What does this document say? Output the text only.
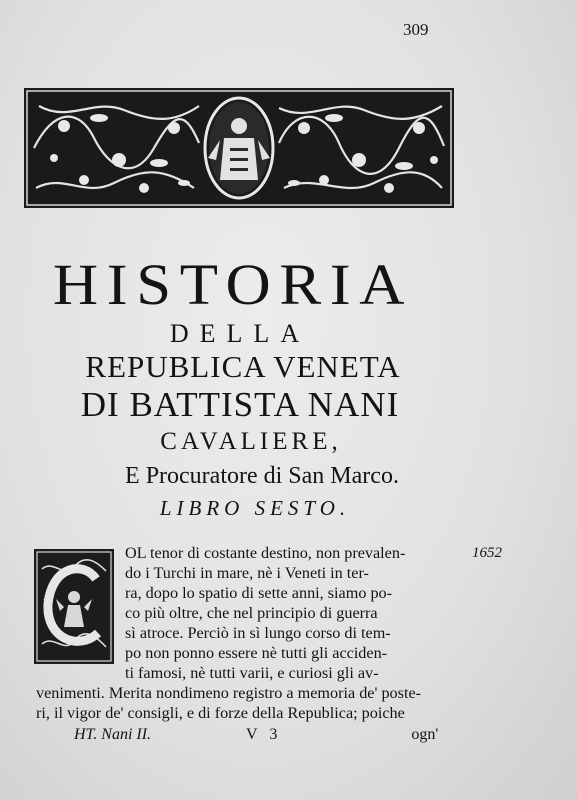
309
HISTORIA
DELLA
REPUBLICA VENETA
DI BATTISTA NANI
CAVALIERE,
E Procuratore di San Marco.
LIBRO SESTO.
C
1652
OL tenor di costante destino, non prevalen-
do i Turchi in mare, nè i Veneti in ter-
ra, dopo lo spatio di sette anni, siamo po-
co più oltre, che nel principio di guerra
sì atroce. Perciò in sì lungo corso di tem-
po non ponno essere nè tutti gli acciden-
ti famosi, nè tutti varii, e curiosi gli av-
venimenti. Merita nondimeno registro a memoria de' poste-
ri, il vigor de' consigli, e di forze della Republica; poiche
HT. Nani II.	V 3	ogn'
